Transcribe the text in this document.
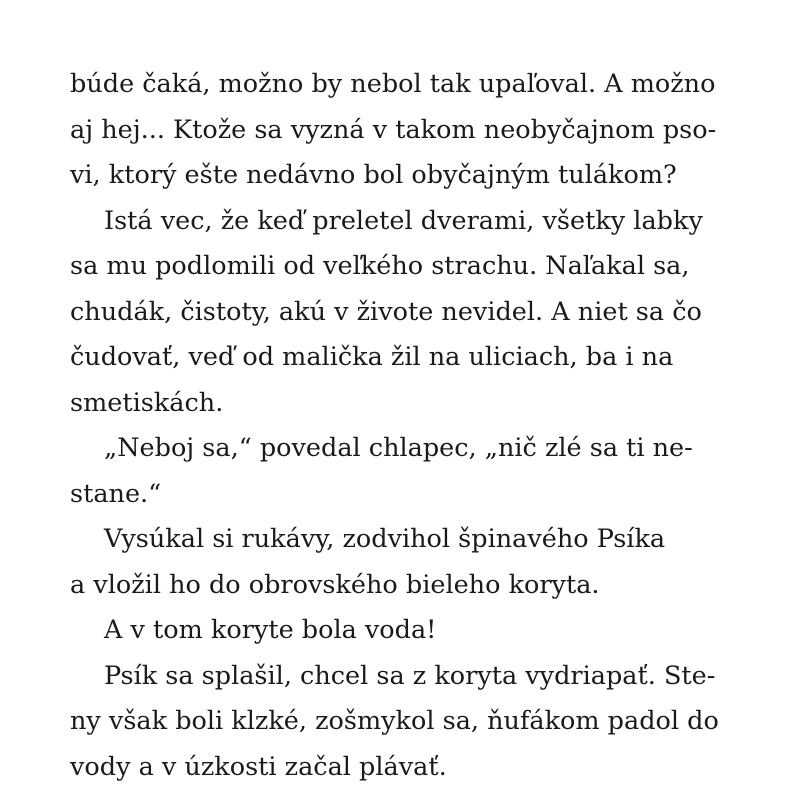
búde čaká, možno by nebol tak upaľoval. A možno
aj hej... Ktože sa vyzná v takom neobyčajnom pso-
vi, ktorý ešte nedávno bol obyčajným tulákom?
Istá vec, že keď preletel dverami, všetky labky
sa mu podlomili od veľkého strachu. Naľakal sa,
chudák, čistoty, akú v živote nevidel. A niet sa čo
čudovať, veď od malička žil na uliciach, ba i na
smetiskách.
„Neboj sa,“ povedal chlapec, „nič zlé sa ti ne-
stane.“
Vysúkal si rukávy, zodvihol špinavého Psíka
a vložil ho do obrovského bieleho koryta.
A v tom koryte bola voda!
Psík sa splašil, chcel sa z koryta vydriapať. Ste-
ny však boli klzké, zošmykol sa, ňufákom padol do
vody a v úzkosti začal plávať.
